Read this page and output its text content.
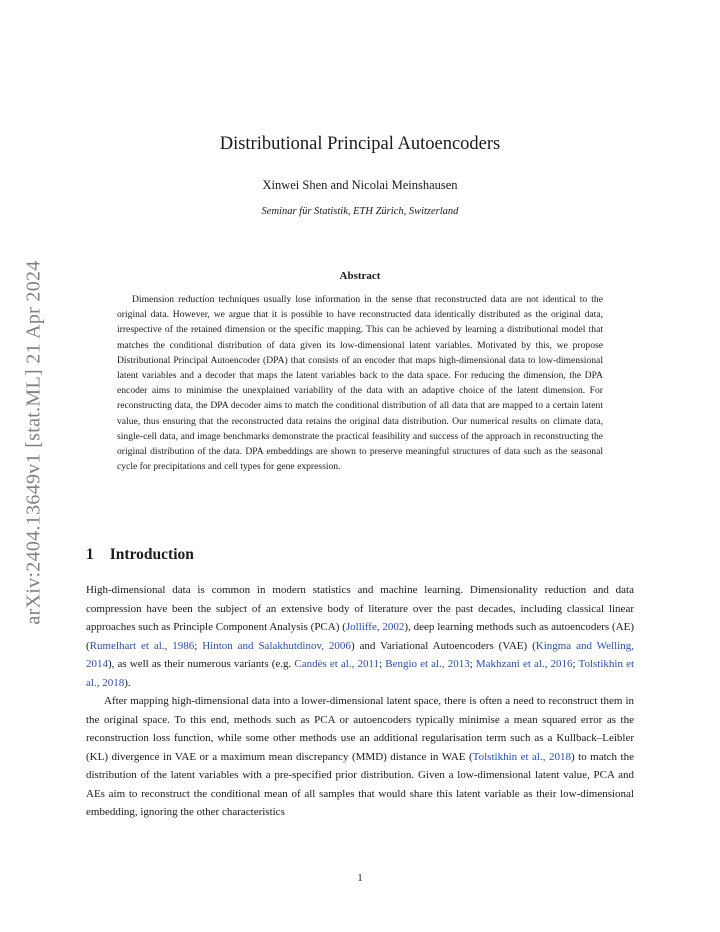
arXiv:2404.13649v1 [stat.ML] 21 Apr 2024
Distributional Principal Autoencoders
Xinwei Shen and Nicolai Meinshausen
Seminar für Statistik, ETH Zürich, Switzerland
Abstract

Dimension reduction techniques usually lose information in the sense that reconstructed data are not identical to the original data. However, we argue that it is possible to have reconstructed data identically distributed as the original data, irrespective of the retained dimension or the specific mapping. This can be achieved by learning a distributional model that matches the conditional distribution of data given its low-dimensional latent variables. Motivated by this, we propose Distributional Principal Autoencoder (DPA) that consists of an encoder that maps high-dimensional data to low-dimensional latent variables and a decoder that maps the latent variables back to the data space. For reducing the dimension, the DPA encoder aims to minimise the unexplained variability of the data with an adaptive choice of the latent dimension. For reconstructing data, the DPA decoder aims to match the conditional distribution of all data that are mapped to a certain latent value, thus ensuring that the reconstructed data retains the original data distribution. Our numerical results on climate data, single-cell data, and image benchmarks demonstrate the practical feasibility and success of the approach in reconstructing the original distribution of the data. DPA embeddings are shown to preserve meaningful structures of data such as the seasonal cycle for precipitations and cell types for gene expression.

1 Introduction

High-dimensional data is common in modern statistics and machine learning. Dimensionality reduction and data compression have been the subject of an extensive body of literature over the past decades, including classical linear approaches such as Principle Component Analysis (PCA) (Jolliffe, 2002), deep learning methods such as autoencoders (AE) (Rumelhart et al., 1986; Hinton and Salakhutdinov, 2006) and Variational Autoencoders (VAE) (Kingma and Welling, 2014), as well as their numerous variants (e.g. Candès et al., 2011; Bengio et al., 2013; Makhzani et al., 2016; Tolstikhin et al., 2018).

After mapping high-dimensional data into a lower-dimensional latent space, there is often a need to reconstruct them in the original space. To this end, methods such as PCA or autoencoders typically minimise a mean squared error as the reconstruction loss function, while some other methods use an additional regularisation term such as a Kullback–Leibler (KL) divergence in VAE or a maximum mean discrepancy (MMD) distance in WAE (Tolstikhin et al., 2018) to match the distribution of the latent variables with a pre-specified prior distribution. Given a low-dimensional latent value, PCA and AEs aim to reconstruct the conditional mean of all samples that would share this latent variable as their low-dimensional embedding, ignoring the other characteristics

1
